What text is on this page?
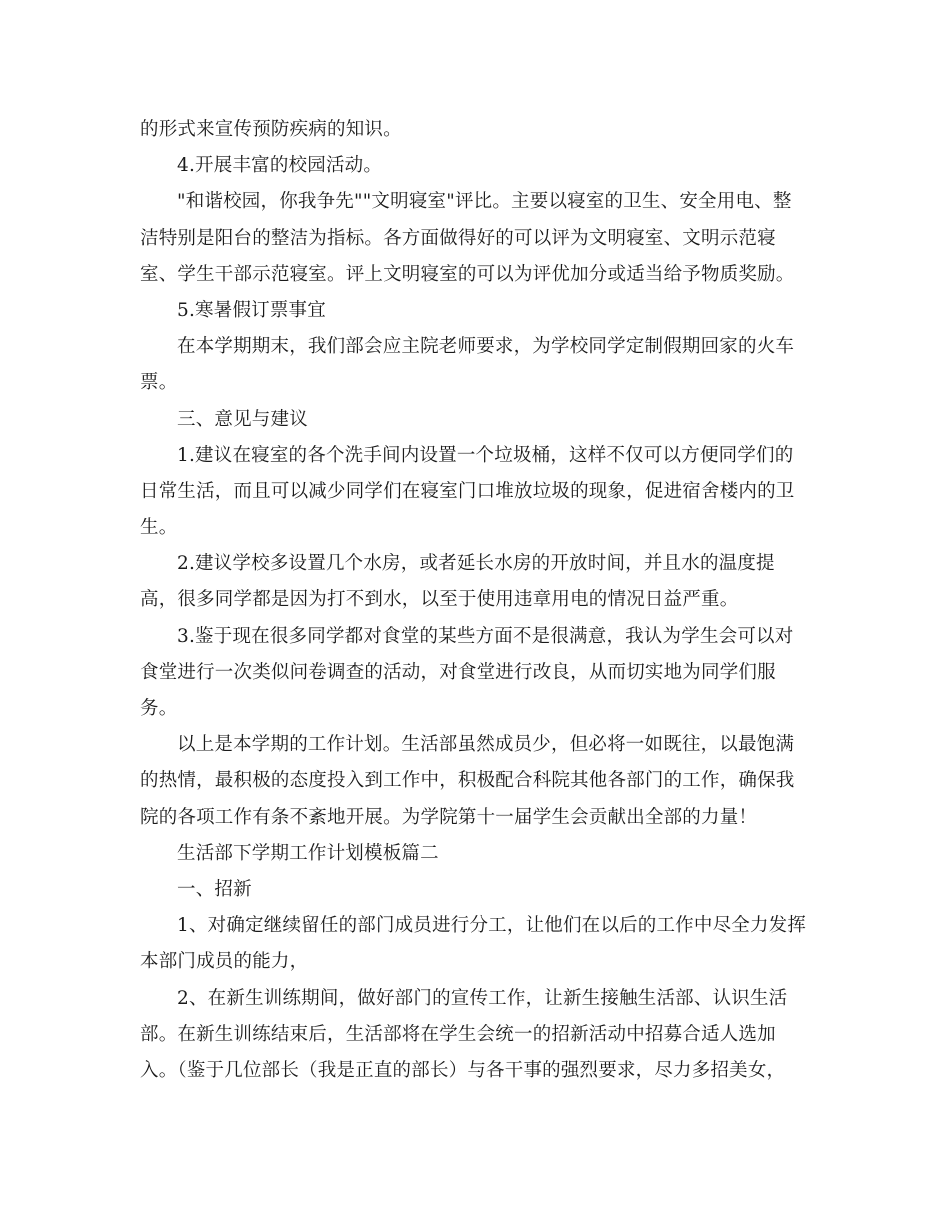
的形式来宣传预防疾病的知识。
4.开展丰富的校园活动。
"和谐校园，你我争先""文明寝室"评比。主要以寝室的卫生、安全用电、整
洁特别是阳台的整洁为指标。各方面做得好的可以评为文明寝室、文明示范寝
室、学生干部示范寝室。评上文明寝室的可以为评优加分或适当给予物质奖励。
5.寒暑假订票事宜
在本学期期末，我们部会应主院老师要求，为学校同学定制假期回家的火车
票。
三、意见与建议
1.建议在寝室的各个洗手间内设置一个垃圾桶，这样不仅可以方便同学们的
日常生活，而且可以减少同学们在寝室门口堆放垃圾的现象，促进宿舍楼内的卫
生。
2.建议学校多设置几个水房，或者延长水房的开放时间，并且水的温度提
高，很多同学都是因为打不到水，以至于使用违章用电的情况日益严重。
3.鉴于现在很多同学都对食堂的某些方面不是很满意，我认为学生会可以对
食堂进行一次类似问卷调查的活动，对食堂进行改良，从而切实地为同学们服
务。
以上是本学期的工作计划。生活部虽然成员少，但必将一如既往，以最饱满
的热情，最积极的态度投入到工作中，积极配合科院其他各部门的工作，确保我
院的各项工作有条不紊地开展。为学院第十一届学生会贡献出全部的力量！
生活部下学期工作计划模板篇二
一、招新
1、对确定继续留任的部门成员进行分工，让他们在以后的工作中尽全力发挥
本部门成员的能力，
2、在新生训练期间，做好部门的宣传工作，让新生接触生活部、认识生活
部。在新生训练结束后，生活部将在学生会统一的招新活动中招募合适人选加
入。（鉴于几位部长（我是正直的部长）与各干事的强烈要求，尽力多招美女，
